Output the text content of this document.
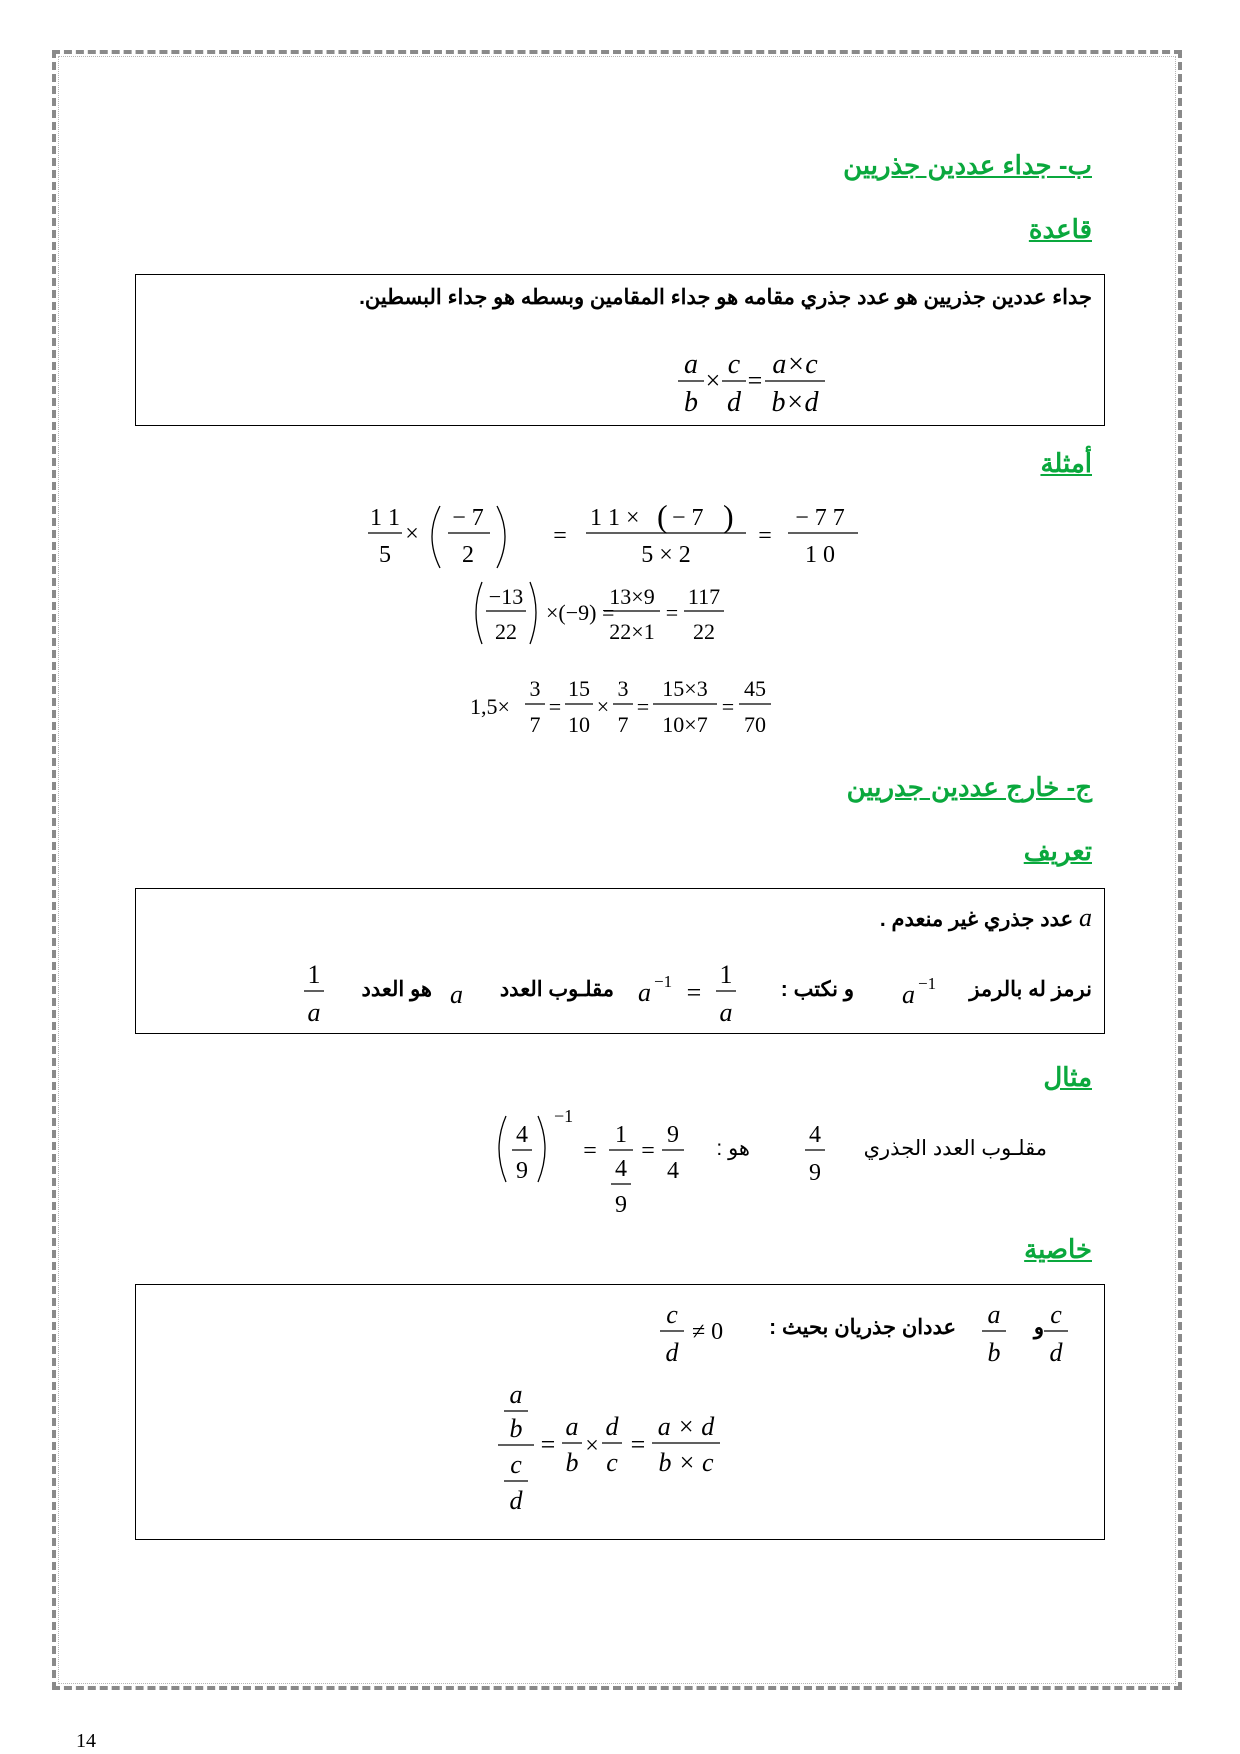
ب- جداء عددين جذريين
قاعدة
جداء عددين جذريين هو عدد جذري مقامه هو جداء المقامين وبسطه هو جداء البسطين.
a
b
×
c
d
=
a×c
b×d
أمثلة
1 1
5
×
− 7
2
=
1 1 × ( − 7 )
5 × 2
=
− 7 7
1 0
−13
22
×(−9) =
13×9
22×1
=
117
22
1,5×
3
7
=
15
10
×
3
7
=
15×3
10×7
=
45
70
ج- خارج عددين جدريين
تعريف
a عدد جذري غير منعدم .
نرمز له بالرمز
a −1
و نكتب :
a −1 =
1
a
مقلـوب العدد
a
هو العدد
1
a
مثال
مقلـوب العدد الجذري
4
9
هو :
4
9
−1
=
1
4
9
=
9
4
خاصية
c
d
و
a
b
عددان جذريان بحيث :
c
d
≠ 0
a
b
c
d
=
a
b
×
d
c
=
a × d
b × c
14
